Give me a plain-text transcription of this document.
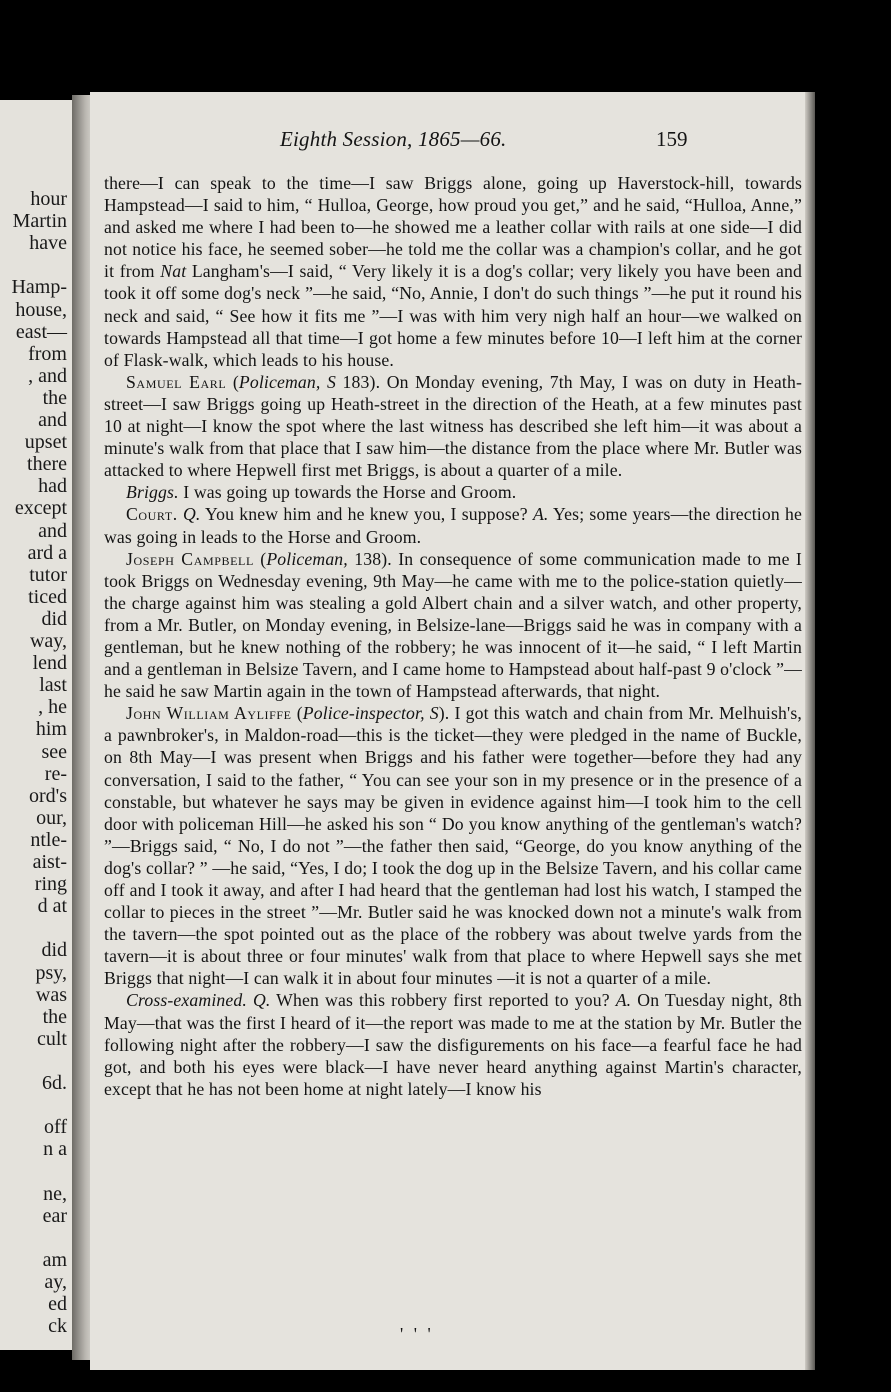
hour
Martin
have
Hamp-
house,
east—
from
, and
the
and
upset
there
had
except
and
ard a
tutor
ticed
did
way,
lend
last
, he
him
see
re-
ord's
our,
ntle-
aist-
ring
d at
did
psy,
was
the
cult
6d.
off
n a
ne,
ear
am
ay,
ed
ck
Eighth Session, 1865—66.	159

there—I can speak to the time—I saw Briggs alone, going up Haverstock-hill, towards Hampstead—I said to him, “ Hulloa, George, how proud you get,” and he said, “Hulloa, Anne,” and asked me where I had been to—he showed me a leather collar with rails at one side—I did not notice his face, he seemed sober—he told me the collar was a champion's collar, and he got it from Nat Langham's—I said, “ Very likely it is a dog's collar; very likely you have been and took it off some dog's neck ”—he said, “No, Annie, I don't do such things ”—he put it round his neck and said, “ See how it fits me ”—I was with him very nigh half an hour—we walked on towards Hampstead all that time—I got home a few minutes before 10—I left him at the corner of Flask-walk, which leads to his house.

Samuel Earl (Policeman, S 183). On Monday evening, 7th May, I was on duty in Heath-street—I saw Briggs going up Heath-street in the direction of the Heath, at a few minutes past 10 at night—I know the spot where the last witness has described she left him—it was about a minute's walk from that place that I saw him—the distance from the place where Mr. Butler was attacked to where Hepwell first met Briggs, is about a quarter of a mile.

Briggs. I was going up towards the Horse and Groom.

Court. Q. You knew him and he knew you, I suppose? A. Yes; some years—the direction he was going in leads to the Horse and Groom.

Joseph Campbell (Policeman, 138). In consequence of some communication made to me I took Briggs on Wednesday evening, 9th May—he came with me to the police-station quietly—the charge against him was stealing a gold Albert chain and a silver watch, and other property, from a Mr. Butler, on Monday evening, in Belsize-lane—Briggs said he was in company with a gentleman, but he knew nothing of the robbery; he was innocent of it—he said, “ I left Martin and a gentleman in Belsize Tavern, and I came home to Hampstead about half-past 9 o'clock ”—he said he saw Martin again in the town of Hampstead afterwards, that night.

John William Ayliffe (Police-inspector, S). I got this watch and chain from Mr. Melhuish's, a pawnbroker's, in Maldon-road—this is the ticket—they were pledged in the name of Buckle, on 8th May—I was present when Briggs and his father were together—before they had any conversation, I said to the father, “ You can see your son in my presence or in the presence of a constable, but whatever he says may be given in evidence against him—I took him to the cell door with policeman Hill—he asked his son “ Do you know anything of the gentleman's watch? ”—Briggs said, “ No, I do not ”—the father then said, “George, do you know anything of the dog's collar? ” —he said, “Yes, I do; I took the dog up in the Belsize Tavern, and his collar came off and I took it away, and after I had heard that the gentleman had lost his watch, I stamped the collar to pieces in the street ”—Mr. Butler said he was knocked down not a minute's walk from the tavern—the spot pointed out as the place of the robbery was about twelve yards from the tavern—it is about three or four minutes' walk from that place to where Hepwell says she met Briggs that night—I can walk it in about four minutes —it is not a quarter of a mile.

Cross-examined. Q. When was this robbery first reported to you? A. On Tuesday night, 8th May—that was the first I heard of it—the report was made to me at the station by Mr. Butler the following night after the robbery—I saw the disfigurements on his face—a fearful face he had got, and both his eyes were black—I have never heard anything against Martin's character, except that he has not been home at night lately—I know his

' ' '
